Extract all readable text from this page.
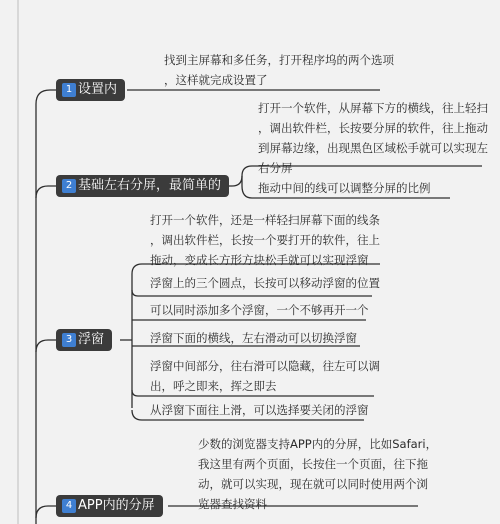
1 设置内
2 基础左右分屏，最简单的
3 浮窗
4 APP内的分屏
找到主屏幕和多任务，打开程序坞的两个选项
，这样就完成设置了
打开一个软件，从屏幕下方的横线，往上轻扫
，调出软件栏，长按要分屏的软件，往上拖动
到屏幕边缘，出现黑色区域松手就可以实现左
右分屏
拖动中间的线可以调整分屏的比例
打开一个软件，还是一样轻扫屏幕下面的线条
，调出软件栏，长按一个要打开的软件，往上
拖动，变成长方形方块松手就可以实现浮窗
浮窗上的三个圆点，长按可以移动浮窗的位置
可以同时添加多个浮窗，一个不够再开一个
浮窗下面的横线，左右滑动可以切换浮窗
浮窗中间部分，往右滑可以隐藏，往左可以调
出，呼之即来，挥之即去
从浮窗下面往上滑，可以选择要关闭的浮窗
少数的浏览器支持APP内的分屏，比如Safari，
我这里有两个页面，长按住一个页面，往下拖
动，就可以实现，现在就可以同时使用两个浏
览器查找资料
